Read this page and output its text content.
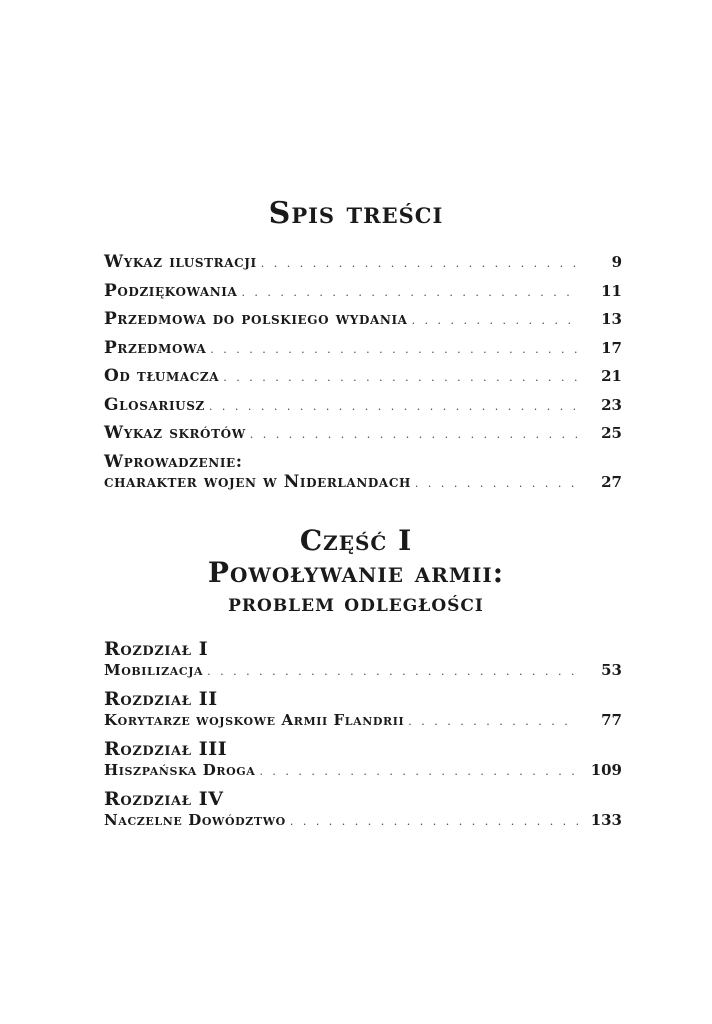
Spis treści
Wykaz ilustracji . . .	9
Podziękowania . . .	11
Przedmowa do polskiego wydania . . .	13
Przedmowa . . .	17
Od tłumacza . . .	21
Glosariusz . . .	23
Wykaz skrótów . . .	25
Wprowadzenie:
charakter wojen w Niderlandach . . .	27
Część I
Powoływanie armii:
problem odległości
Rozdział I
Mobilizacja . . .	53
Rozdział II
Korytarze wojskowe Armii Flandrii . . .	77
Rozdział III
Hiszpańska Droga . . .	109
Rozdział IV
Naczelne Dowództwo . . .	133
